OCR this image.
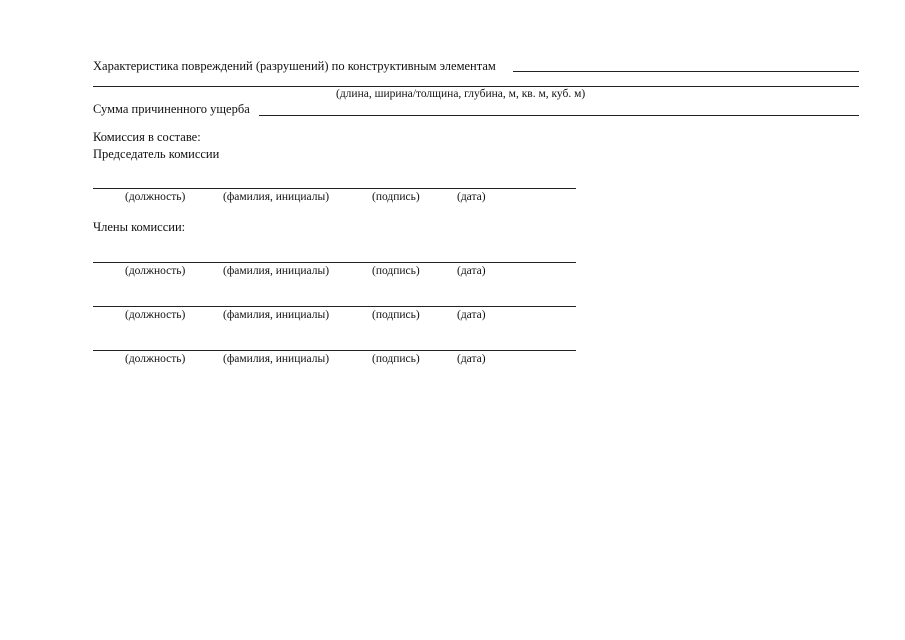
Характеристика повреждений (разрушений) по конструктивным элементам
(длина, ширина/толщина, глубина, м, кв. м, куб. м)
Сумма причиненного ущерба
Комиссия в составе:
Председатель комиссии
(должность)	(фамилия, инициалы)	(подпись)	(дата)
Члены комиссии:
(должность)	(фамилия, инициалы)	(подпись)	(дата)
(должность)	(фамилия, инициалы)	(подпись)	(дата)
(должность)	(фамилия, инициалы)	(подпись)	(дата)
